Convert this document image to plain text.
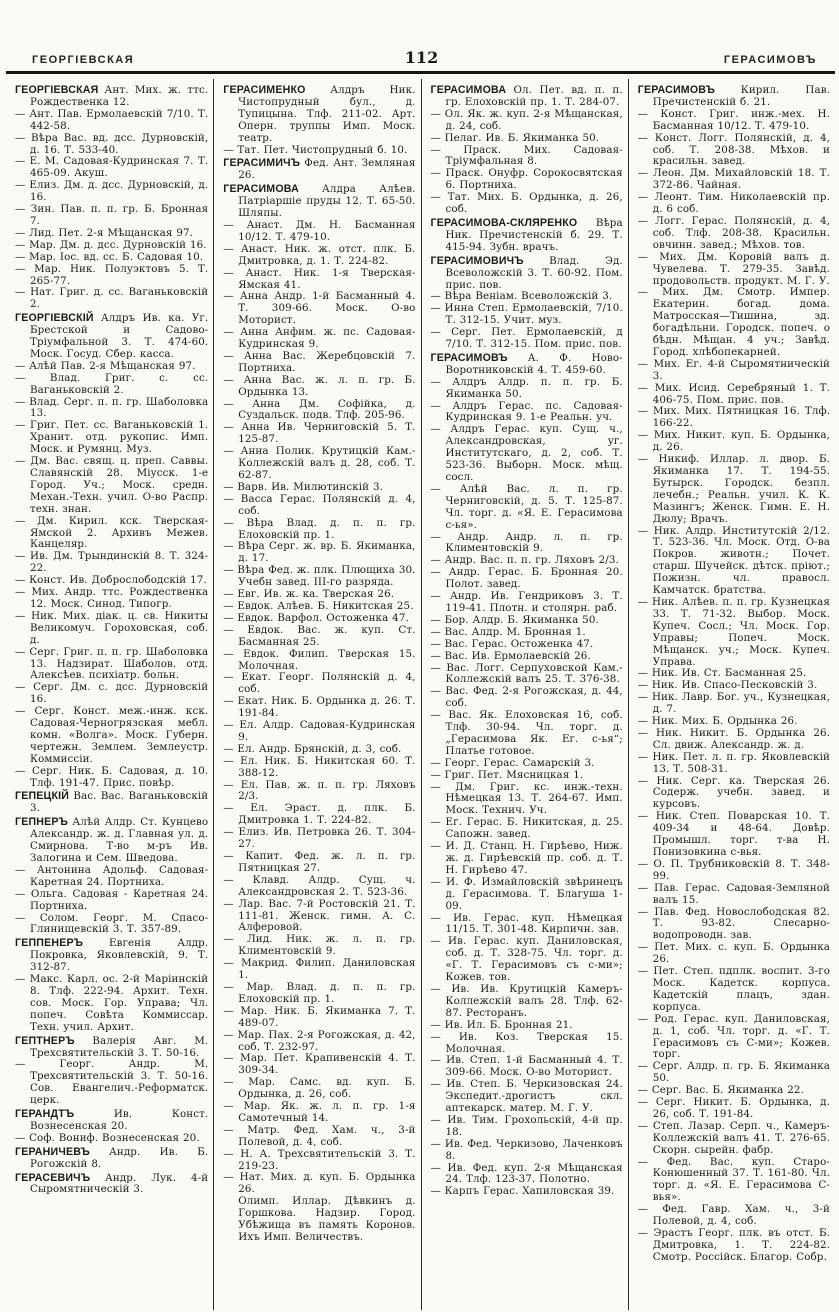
ГЕОРГІЕВСКАЯ	112	ГЕРАСИМОВЪ
ГЕОРГІЕВСКАЯ Ант. Мих. ж. ттс. Рождественка 12.
— Ант. Пав. Ермолаевскій 7/10. Т. 442-58.
— Вѣра Вас. вд. дсс. Дурновскій, д. 16. Т. 533-40.
— Е. М. Садовая-Кудринская 7. Т. 465-09. Акуш.
— Елиз. Дм. д. дсс. Дурновскій, д. 16.
— Зин. Пав. п. п. гр. Б. Бронная 7.
— Лид. Пет. 2-я Мѣщанская 97.
— Мар. Дм. д. дсс. Дурновскій 16.
— Мар. Іос. вд. сс. Б. Садовая 10.
— Мар. Ник. Полуэктовъ 5. Т. 265-77.
— Нат. Григ. д. сс. Ваганьковскій 2.
ГЕОРГІЕВСКІЙ Алдръ Ив. ка. Уг. Брестской и Садово-Тріумфальной 3. Т. 474-60. Моск. Госуд. Сбер. касса.
— Алѣй Пав. 2-я Мѣщанская 97.
— Влад. Григ. с. сс. Ваганьковскій 2.
— Влад. Серг. п. п. гр. Шаболовка 13.
— Григ. Пет. сс. Ваганьковскій 1. Хранит. отд. рукопис. Имп. Моск. и Румянц. Муз.
— Дм. Вас. свящ. ц. преп. Саввы. Славянскій 28. Міусск. 1-е Город. Уч.; Моск. средн. Механ.-Техн. учил. О-во Распр. техн. знан.
— Дм. Кирил. кск. Тверская-Ямской 2. Архивъ Межев. Канцеляр.
— Ив. Дм. Трындинскій 8. Т. 324-22.
— Конст. Ив. Доброслободскій 17.
— Мих. Андр. ттс. Рождественка 12. Моск. Синод. Типогр.
— Ник. Мих. діак. ц. св. Никиты Великомуч. Гороховская, соб. д.
— Серг. Григ. п. п. гр. Шаболовка 13. Надзират. Шаболов. отд. Алексѣев. психіатр. больн.
— Серг. Дм. с. дсс. Дурновскій 16.
— Серг. Конст. меж.-инж. кск. Садовая-Черногрязская мебл. комн. «Волга». Моск. Губерн. чертежн. Землем. Землеустр. Коммиссіи.
— Серг. Ник. Б. Садовая, д. 10. Тлф. 191-47. Прис. повѣр.
ГЕПЕЦКІЙ Вас. Вас. Ваганьковскій 3.
ГЕПНЕРЪ Алѣй Алдр. Ст. Кунцево Александр. ж. д. Главная ул. д. Смирнова. Т-во м-ръ Ив. Залогина и Сем. Шведова.
— Антонина Адольф. Садовая-Каретная 24. Портниха.
— Ольга. Садовая - Каретная 24. Портниха.
— Солом. Георг. М. Спасо-Глинищевскій 3. Т. 357-89.
ГЕППЕНЕРЪ Евгенія Алдр. Покровка, Яковлевскій, 9. Т. 312-87.
— Макс. Карл. ос. 2-й Маріинскій 8. Тлф. 222-94. Архит. Техн. сов. Моск. Гор. Управа; Чл. попеч. Совѣта Коммиссар. Техн. учил. Архит.
ГЕПТНЕРЪ Валерія Авг. М. Трехсвятительскій 3. Т. 50-16.
— Георг. Андр. М. Трехсвятительскій 3. Т. 50-16. Сов. Евангелич.-Реформатск. церк.
ГЕРАНДТЪ Ив. Конст. Вознесенская 20.
— Соф. Вониф. Вознесенская 20.
ГЕРАНИЧЕВЪ Андр. Ив. Б. Рогожскій 8.
ГЕРАСЕВИЧЪ Андр. Лук. 4-й Сыромятническій 3.
ГЕРАСИМЕНКО Алдръ Ник. Чистопрудный бул., д. Тупицына. Тлф. 211-02. Арт. Оперн. труппы Имп. Моск. театр.
— Тат. Пет. Чистопрудный б. 10.
ГЕРАСИМИЧЪ Фед. Ант. Земляная 26.
ГЕРАСИМОВА Алдра Алѣев. Патріаршіе пруды 12. Т. 65-50. Шляпы.
— Анаст. Дм. Н. Басманная 10/12. Т. 479-10.
— Анаст. Ник. ж. отст. плк. Б. Дмитровка, д. 1. Т. 224-82.
— Анаст. Ник. 1-я Тверская-Ямская 41.
— Анна Андр. 1-й Басманный 4. Т. 309-66. Моск. О-во Моторист.
— Анна Анфим. ж. пс. Садовая-Кудринская 9.
— Анна Вас. Жеребцовскій 7. Портниха.
— Анна Вас. ж. л. п. гр. Б. Ордынка 13.
— Анна Дм. Софійка, д. Суздальск. подв. Тлф. 205-96.
— Анна Ив. Черниговскій 5. Т. 125-87.
— Анна Полик. Крутицкій Кам.-Коллежскій валъ д. 28, соб. Т. 62-87.
— Варв. Ив. Милютинскій 3.
— Васса Герас. Полянскій д. 4, соб.
— Вѣра Влад. д. п. п. гр. Елоховскій пр. 1.
— Вѣра Серг. ж. вр. Б. Якиманка, д. 17.
— Вѣра Фед. ж. плк. Плющиха 30. Учебн завед. III-го разряда.
— Евг. Ив. ж. ка. Тверская 26.
— Евдок. Алѣев. Б. Никитская 25.
— Евдок. Варфол. Остоженка 47.
— Евдок. Вас. ж. куп. Ст. Басманная 25.
— Евдок. Филип. Тверская 15. Молочная.
— Екат. Георг. Полянскій д. 4, соб.
— Екат. Ник. Б. Ордынка д. 26. Т. 191-84.
— Ел. Алдр. Садовая-Кудринская 9.
— Ел. Андр. Брянскій, д. 3, соб.
— Ел. Ник. Б. Никитская 60. Т. 388-12.
— Ел. Пав. ж. п. п. гр. Ляховъ 2/3.
— Ел. Эраст. д. плк. Б. Дмитровка 1. Т. 224-82.
— Елиз. Ив. Петровка 26. Т. 304-27.
— Капит. Фед. ж. л. п. гр. Пятницкая 27.
— Клавд. Алдр. Сущ. ч. Александровская 2. Т. 523-36.
— Лар. Вас. 7-й Ростовскій 21. Т. 111-81. Женск. гимн. А. С. Алферовой.
— Лид. Ник. ж. л. п. гр. Климентовскій 9.
— Макрид. Филип. Даниловская 1.
— Мар. Влад. д. п. п. гр. Елоховскій пр. 1.
— Мар. Ник. Б. Якиманка 7. Т. 489-07.
— Мар. Пах. 2-я Рогожская, д. 42, соб. Т. 232-97.
— Мар. Пет. Крапивенскій 4. Т. 309-34.
— Мар. Самс. вд. куп. Б. Ордынка, д. 26, соб.
— Мар. Як. ж. л. п. гр. 1-я Самотечный 14.
— Матр. Фед. Хам. ч., 3-й Полевой, д. 4, соб.
— Н. А. Трехсвятительскій 3. Т. 219-23.
— Нат. Мих. д. куп. Б. Ордынка 26.
Олимп. Иллар. Дѣвкинъ д. Горшкова. Надзир. Город. Убѣжища въ память Коронов. Ихъ Имп. Величествъ.
ГЕРАСИМОВА Ол. Пет. вд. п. п. гр. Елоховскій пр. 1. Т. 284-07.
— Ол. Як. ж. куп. 2-я Мѣщанская, д. 24, соб.
— Пелаг. Ив. Б. Якиманка 50.
— Праск. Мих. Садовая-Тріумфальная 8.
— Праск. Онуфр. Сорокосвятская 6. Портниха.
— Тат. Мих. Б. Ордынка, д. 26, соб.
ГЕРАСИМОВА-СКЛЯРЕНКО Вѣра Ник. Пречистенскій б. 29. Т. 415-94. Зубн. врачъ.
ГЕРАСИМОВИЧЪ Влад. Эд. Всеволожскій 3. Т. 60-92. Пом. прис. пов.
— Вѣра Веніам. Всеволожскій 3.
— Инна Степ. Ермолаевскій, 7/10. Т. 312-15. Учит. муз.
— Серг. Пет. Ермолаевскій, д 7/10. Т. 312-15. Пом. прис. пов.
ГЕРАСИМОВЪ А. Ф. Ново-Воротниковскій 4. Т. 459-60.
— Алдръ Алдр. п. п. гр. Б. Якиманка 50.
— Алдръ Герас. пс. Садовая-Кудринская 9. 1-е Реальн. уч.
— Алдръ Герас. куп. Сущ. ч., Александровская, уг. Институтскаго, д. 2, соб. Т. 523-36. Выборн. Моск. мѣщ. сосл.
— Алѣй Вас. л. п. гр. Черниговскій, д. 5. Т. 125-87. Чл. торг. д. «Я. Е. Герасимова с-ья».
— Андр. Андр. л. п. гр. Климентовскій 9.
— Андр. Вас. п. п. гр. Ляховъ 2/3.
— Андр. Герас. Б. Бронная 20. Полот. завед.
— Андр. Ив. Гендриковъ 3. Т. 119-41. Плотн. и столярн. раб.
— Бор. Алдр. Б. Якиманка 50.
— Вас. Алдр. М. Бронная 1.
— Вас. Герас. Остоженка 47.
— Вас. Ив. Ермолаевскій 26.
— Вас. Логг. Серпуховской Кам.-Коллежскій валъ 25. Т. 376-38.
— Вас. Фед. 2-я Рогожская, д. 44, соб.
— Вас. Як. Елоховская 16, соб. Тлф. 30-94. Чл. торг. д. „Герасимова Як. Ег. с-ья“; Платье готовое.
— Георг. Герас. Самарскій 3.
— Григ. Пет. Мясницкая 1.
— Дм. Григ. кс. инж.-техн. Нѣмецкая 13. Т. 264-67. Имп. Моск. Технич. Уч.
— Ег. Герас. Б. Никитская, д. 25. Сапожн. завед.
— И. Д. Станц. Н. Гирѣево, Ниж. ж. д. Гирѣевскій пр. соб. д. Т. Н. Гирѣево 47.
— И. Ф. Измайловскій звѣринецъ д. Герасимова. Т. Благуша 1-09.
— Ив. Герас. куп. Нѣмецкая 11/15. Т. 301-48. Кирпичн. зав.
— Ив. Герас. куп. Даниловская, соб. д. Т. 328-75. Чл. торг. д. «Г. Т. Герасимовъ съ с-ми»; Кожев. тов.
— Ив. Ив. Крутицкій Камеръ-Коллежскій валъ 28. Тлф. 62-87. Ресторанъ.
— Ив. Ил. Б. Бронная 21.
— Ив. Коз. Тверская 15. Молочная.
— Ив. Степ. 1-й Басманный 4. Т. 309-66. Моск. О-во Моторист.
— Ив. Степ. Б. Черкизовская 24. Экспедит.-дрогистъ скл. аптекарск. матер. М. Г. У.
— Ив. Тим. Грохольскій, 4-й пр. 18.
— Ив. Фед. Черкизово, Лаченковъ 8.
— Ив. Фед. куп. 2-я Мѣщанская 24. Тлф. 123-37. Полотно.
— Карпъ Герас. Хапиловская 39.
ГЕРАСИМОВЪ Кирил. Пав. Пречистенскій б. 21.
— Конст. Григ. инж.-мех. Н. Басманная 10/12. Т. 479-10.
— Конст. Логг. Полянскій, д. 4, соб. Т. 208-38. Мѣхов. и красильн. завед.
— Леон. Дм. Михайловскій 18. Т. 372-86. Чайная.
— Леонт. Тим. Николаевскій пр. д. 6 соб.
— Логг. Герас. Полянскій, д. 4, соб. Тлф. 208-38. Красильн. овчинн. завед.; Мѣхов. тов.
— Мих. Дм. Коровій валъ д. Чувелева. Т. 279-35. Завѣд. продовольств. продукт. М. Г. У.
— Мих. Дм. Смотр. Импер. Екатерин. богад. дома. Матросская—Тишина, зд. богадѣльни. Городск. попеч. о бѣдн. Мѣщан. 4 уч.; Завѣд. Город. хлѣбопекарней.
— Мих. Ег. 4-й Сыромятническій 3.
— Мих. Исид. Серебряный 1. Т. 406-75. Пом. прис. пов.
— Мих. Мих. Пятницкая 16. Тлф. 166-22.
— Мих. Никит. куп. Б. Ордынка, д. 26.
— Никиф. Иллар. л. двор. Б. Якиманка 17. Т. 194-55. Бутырск. Городск. безпл. лечебн.; Реальн. учил. К. К. Мазингъ; Женск. Гимн. Е. Н. Дюлу; Врачъ.
— Ник. Алдр. Институтскій 2/12. Т. 523-36. Чл. Моск. Отд. О-ва Покров. животн.; Почет. старш. Шучейск. дѣтск. пріют.; Пожизн. чл. правосл. Камчатск. братства.
— Ник. Алѣев. п. п. гр. Кузнецкая 33. Т. 71-32. Выбор. Моск. Купеч. Сосл.; Чл. Моск. Гор. Управы; Попеч. Моск. Мѣщанск. уч.; Моск. Купеч. Управа.
— Ник. Ив. Ст. Басманная 25.
— Ник. Ив. Спасо-Песковскій 3.
— Ник. Лавр. Бог. уч., Кузнецкая, д. 7.
— Ник. Мих. Б. Ордынка 26.
— Ник. Никит. Б. Ордынка 26. Сл. движ. Александр. ж. д.
— Ник. Пет. л. п. гр. Яковлевскій 13. Т. 508-31.
— Ник. Серг. ка. Тверская 26. Содерж. учебн. завед. и курсовъ.
— Ник. Степ. Поварская 10. Т. 409-34 и 48-64. Довѣр. Промышл. торг. т-ва Н. Понизовкина с-вья.
— О. П. Трубниковскій 8. Т. 348-99.
— Пав. Герас. Садовая-Земляной валъ 15.
— Пав. Фед. Новослободская 82. Т. 93-82. Слесарно-водопроводн. зав.
— Пет. Мих. с. куп. Б. Ордынка 26.
— Пет. Степ. пдплк. воспит. 3-го Моск. Кадетск. корпуса. Кадетскій плацъ, здан. корпуса.
— Род. Герас. куп. Даниловская, д. 1, соб. Чл. торг. д. «Г. Т. Герасимовъ съ С-ми»; Кожев. торг.
— Серг. Алдр. п. гр. Б. Якиманка 50.
— Серг. Вас. Б. Якиманка 22.
— Серг. Никит. Б. Ордынка, д. 26, соб. Т. 191-84.
— Степ. Лазар. Серп. ч., Камеръ-Коллежскій валъ 41. Т. 276-65. Скорн. сырейн. фабр.
— Фед. Вас. куп. Старо-Конюшенный 37. Т. 161-80. Чл. торг. д. «Я. Е. Герасимова С-вья».
— Фед. Гавр. Хам. ч., 3-й Полевой, д. 4, соб.
— Эрастъ Георг. плк. въ отст. Б. Дмитровка, 1. Т. 224-82. Смотр. Россійск. Благор. Собр.
